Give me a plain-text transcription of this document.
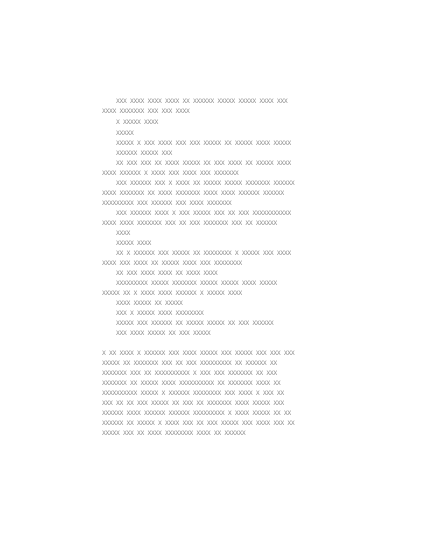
XXX XXXX XXXX XXXX XX XXXXXX XXXXX XXXXX XXXX XXX
XXXX XXXXXXX XXX XXX XXXX
X XXXXX XXXX
XXXXX
XXXXX X XXX XXXX XXX XXX XXXXX XX XXXXX XXXX XXXXX
XXXXXX XXXXX XXX
XX XXX XXX XX XXXX XXXXX XX XXX XXXX XX XXXXX XXXX
XXXX XXXXXX X XXXX XXX XXXX XXX XXXXXXX
XXX XXXXXX XXX X XXXX XX XXXXX XXXXX XXXXXXX XXXXXX
XXXX XXXXXXX XX XXXX XXXXXXX XXXX XXXX XXXXXX XXXXXX
XXXXXXXXX XXX XXXXXX XXX XXXX XXXXXXX
XXX XXXXXX XXXX X XXX XXXXX XXX XX XXX XXXXXXXXXXX
XXXX XXXX XXXXXXX XXX XX XXX XXXXXXX XXX XX XXXXXX
XXXX
XXXXX XXXX
XX X XXXXXX XXX XXXXX XX XXXXXXXX X XXXXX XXX XXXX
XXXX XXX XXXX XX XXXXX XXXX XXX XXXXXXXX
XX XXX XXXX XXXX XX XXXX XXXX
XXXXXXXXX XXXXX XXXXXXX XXXXX XXXXX XXXX XXXXX
XXXXX XX X XXXX XXXX XXXXXX X XXXXX XXXX
XXXX XXXXX XX XXXXX
XXX X XXXXX XXXX XXXXXXXX
XXXXX XXX XXXXXX XX XXXXX XXXXX XX XXX XXXXXX
XXX XXXX XXXXX XX XXX XXXXX
X XX XXXX X XXXXXX XXX XXXX XXXXX XXX XXXXX XXX XXX XXX
XXXXX XX XXXXXXX XXX XX XXX XXXXXXXXX XX XXXXXX XX
XXXXXXX XXX XX XXXXXXXXXX X XXX XXX XXXXXXX XX XXX
XXXXXXX XX XXXXX XXXX XXXXXXXXXX XX XXXXXXX XXXX XX
XXXXXXXXXX XXXXX X XXXXXX XXXXXXXX XXX XXXX X XXX XX
XXX XX XX XXX XXXXX XX XXX XX XXXXXXX XXXX XXXXX XXX
XXXXXX XXXX XXXXXX XXXXXX XXXXXXXXX X XXXX XXXXX XX XX
XXXXXX XX XXXXX X XXXX XXX XX XXX XXXXX XXX XXXX XXX XX
XXXXX XXX XX XXXX XXXXXXXX XXXX XX XXXXXX
